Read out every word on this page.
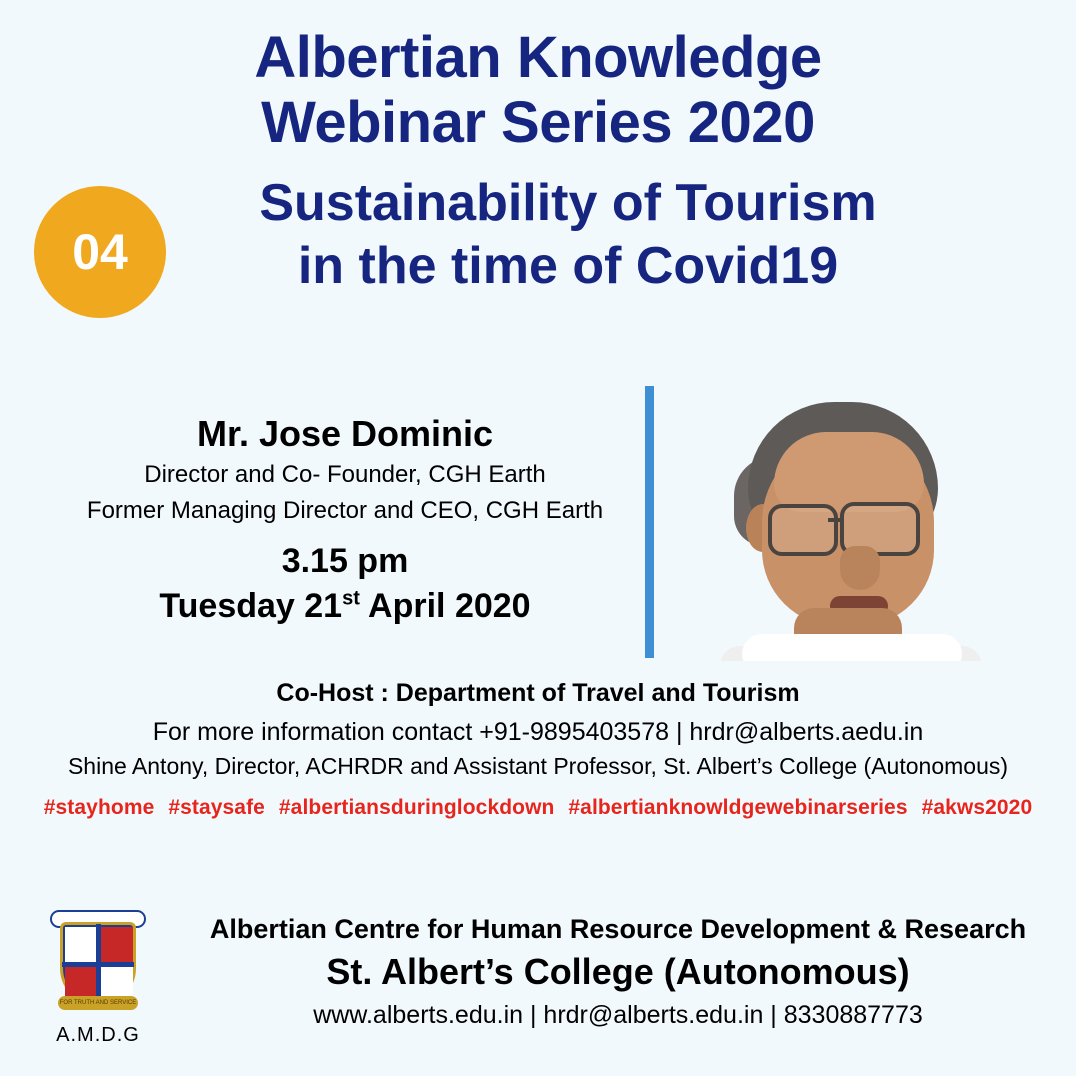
Albertian Knowledge
Webinar Series 2020
04
Sustainability of Tourism
in the time of Covid19
Mr. Jose Dominic
Director and Co- Founder, CGH Earth
Former Managing Director and CEO, CGH Earth
3.15 pm
Tuesday 21st April 2020
Co-Host : Department of Travel and Tourism
For more information contact +91-9895403578 | hrdr@alberts.aedu.in
Shine Antony, Director, ACHRDR and Assistant Professor, St. Albert’s College (Autonomous)
#stayhome #staysafe #albertiansduringlockdown #albertianknowldgewebinarseries #akws2020
FOR TRUTH AND SERVICE
A.M.D.G
Albertian Centre for Human Resource Development & Research
St. Albert’s College (Autonomous)
www.alberts.edu.in | hrdr@alberts.edu.in | 8330887773
